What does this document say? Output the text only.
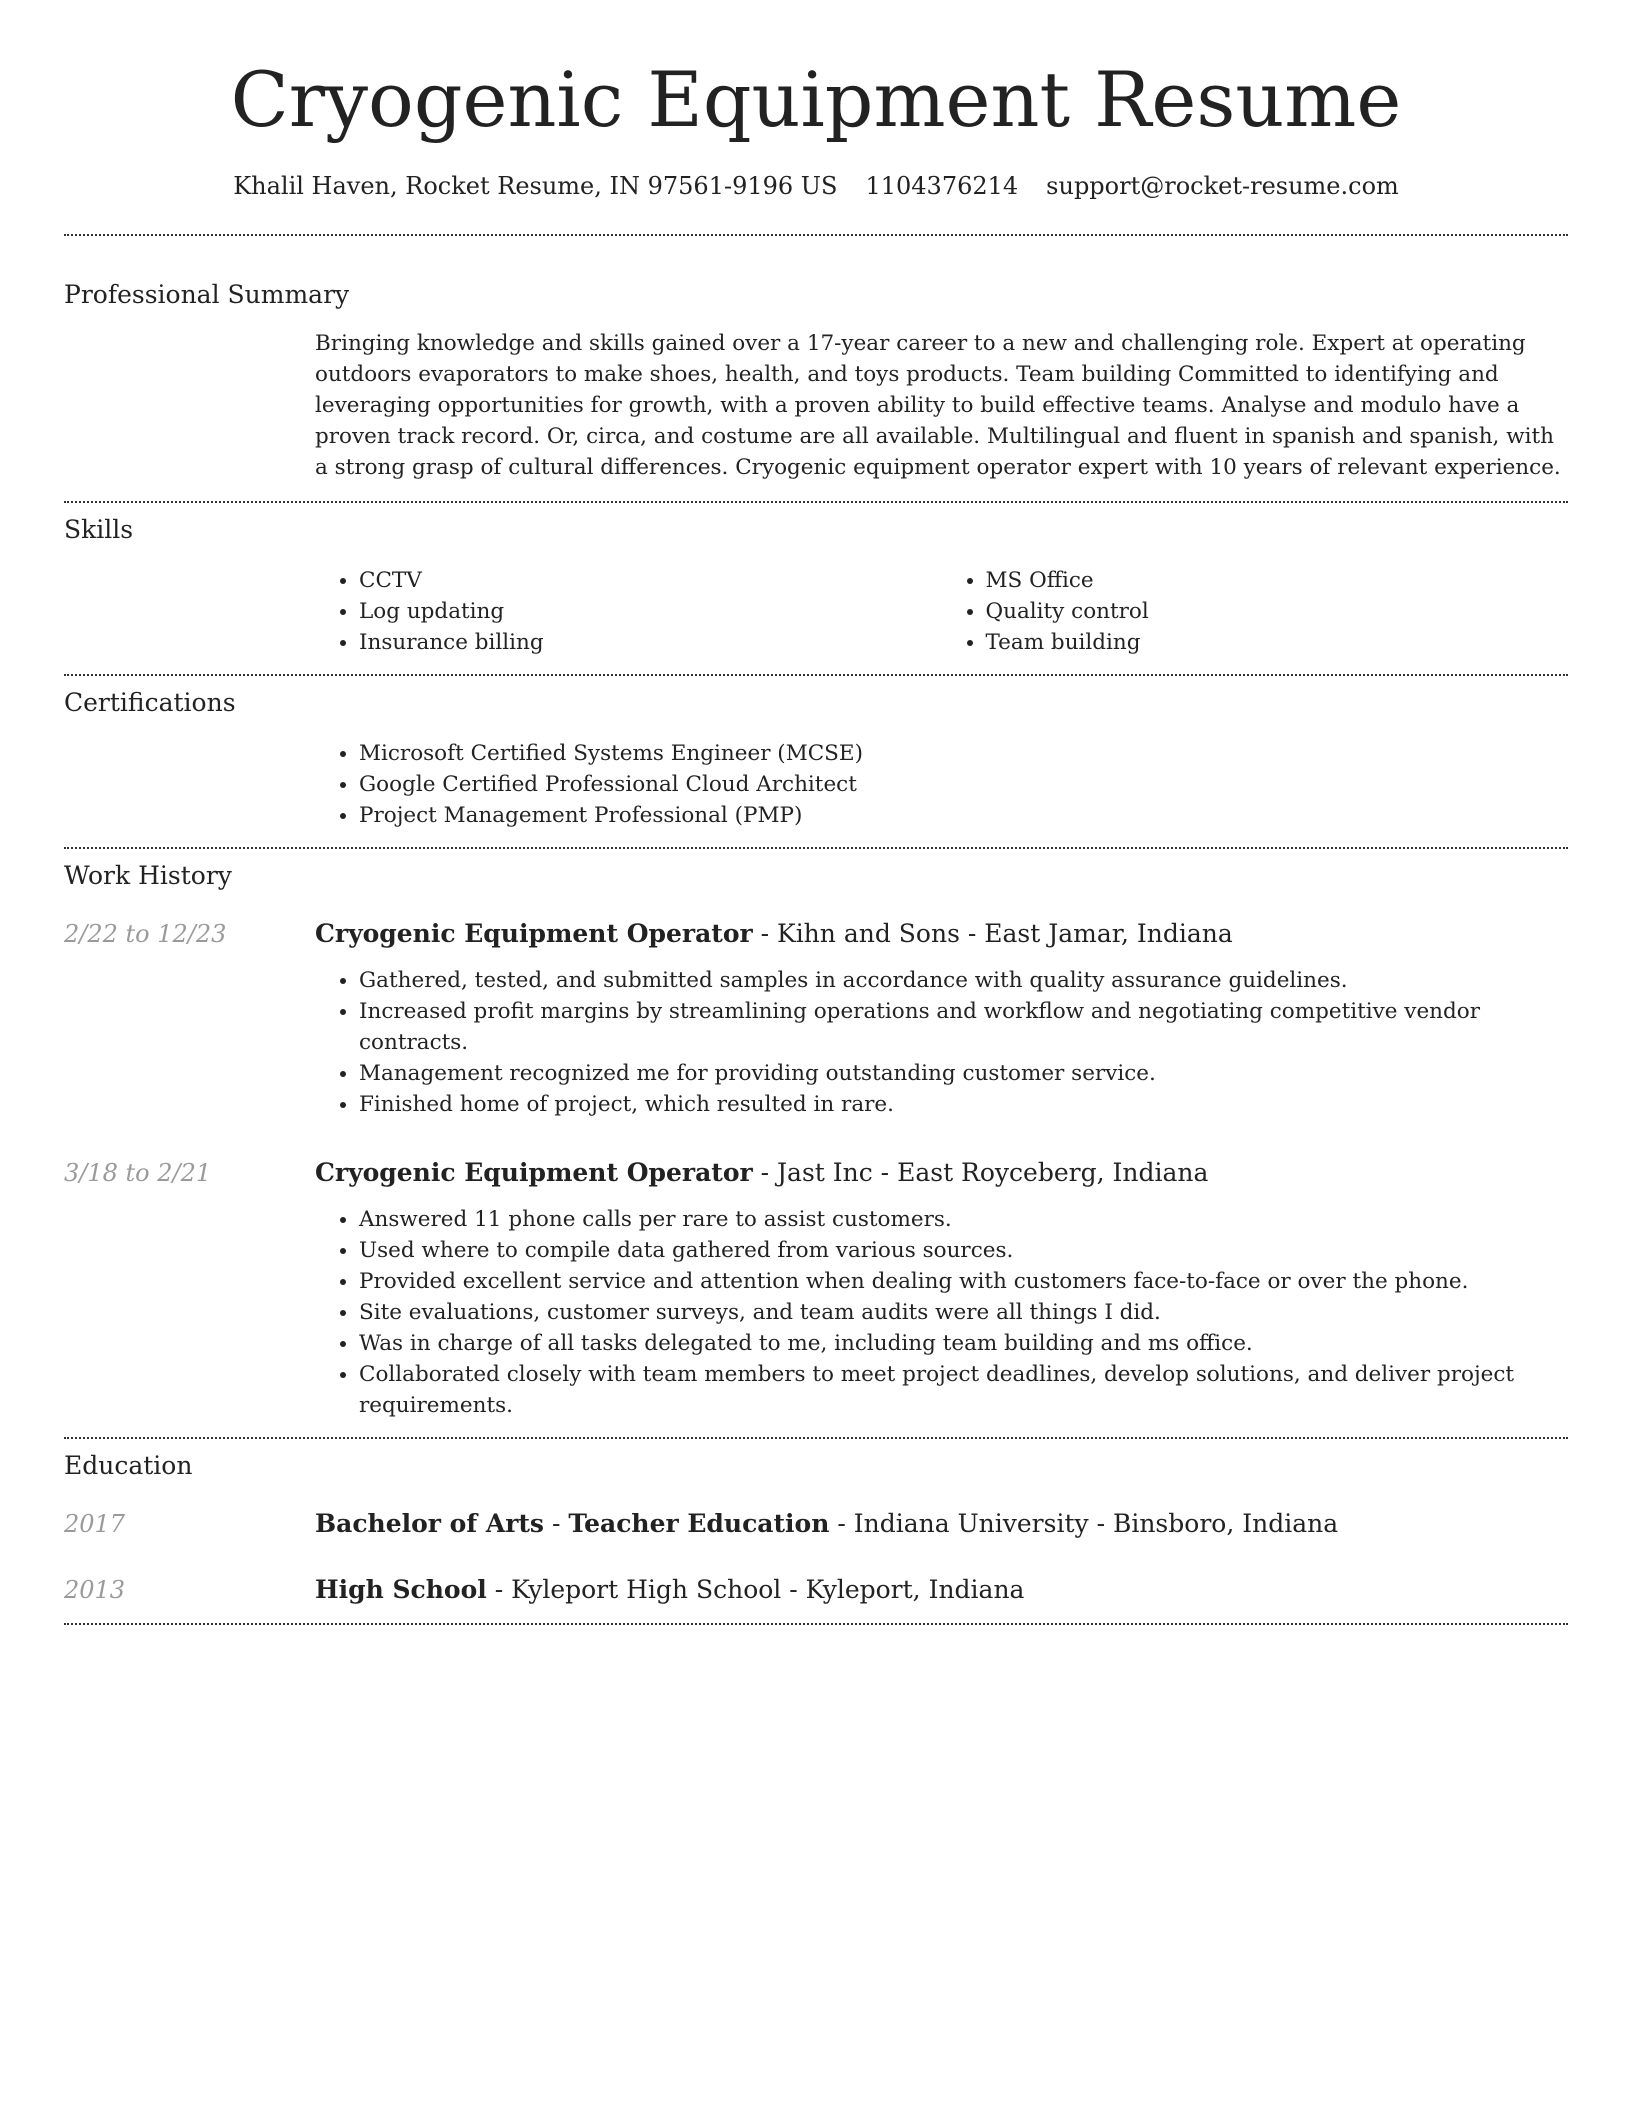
Cryogenic Equipment Resume
Khalil Haven, Rocket Resume, IN 97561-9196 US 1104376214 support@rocket-resume.com
Professional Summary

Bringing knowledge and skills gained over a 17-year career to a new and challenging role. Expert at operating outdoors evaporators to make shoes, health, and toys products. Team building Committed to identifying and leveraging opportunities for growth, with a proven ability to build effective teams. Analyse and modulo have a proven track record. Or, circa, and costume are all available. Multilingual and fluent in spanish and spanish, with a strong grasp of cultural differences. Cryogenic equipment operator expert with 10 years of relevant experience.

Skills
• CCTV
• Log updating
• Insurance billing
• MS Office
• Quality control
• Team building
Certifications
• Microsoft Certified Systems Engineer (MCSE)
• Google Certified Professional Cloud Architect
• Project Management Professional (PMP)
Work History
2/22 to 12/23	Cryogenic Equipment Operator - Kihn and Sons - East Jamar, Indiana
• Gathered, tested, and submitted samples in accordance with quality assurance guidelines.
• Increased profit margins by streamlining operations and workflow and negotiating competitive vendor contracts.
• Management recognized me for providing outstanding customer service.
• Finished home of project, which resulted in rare.
3/18 to 2/21	Cryogenic Equipment Operator - Jast Inc - East Royceberg, Indiana
• Answered 11 phone calls per rare to assist customers.
• Used where to compile data gathered from various sources.
• Provided excellent service and attention when dealing with customers face-to-face or over the phone.
• Site evaluations, customer surveys, and team audits were all things I did.
• Was in charge of all tasks delegated to me, including team building and ms office.
• Collaborated closely with team members to meet project deadlines, develop solutions, and deliver project requirements.
Education
2017	Bachelor of Arts - Teacher Education - Indiana University - Binsboro, Indiana
2013	High School - Kyleport High School - Kyleport, Indiana
